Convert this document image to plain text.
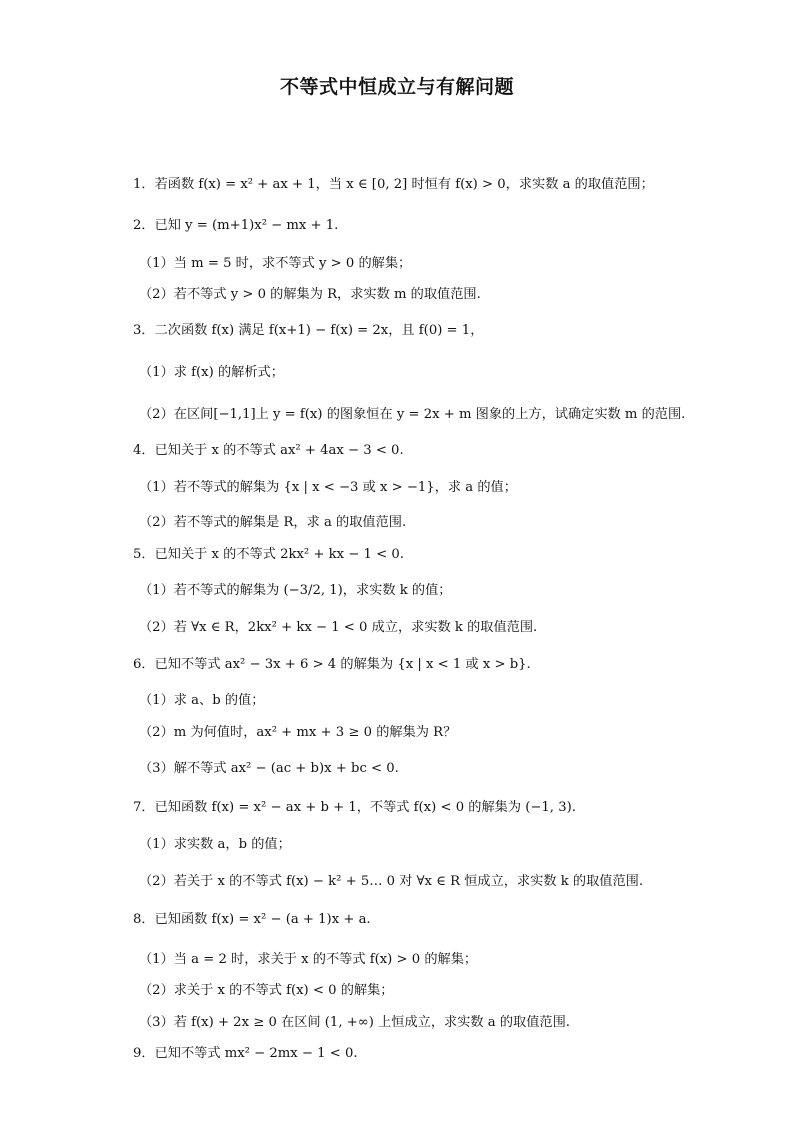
不等式中恒成立与有解问题
1．若函数 f(x) = x² + ax + 1，当 x ∈ [0, 2] 时恒有 f(x) > 0，求实数 a 的取值范围；
2．已知 y = (m+1)x² − mx + 1.
（1）当 m = 5 时，求不等式 y > 0 的解集；
（2）若不等式 y > 0 的解集为 R，求实数 m 的取值范围.
3．二次函数 f(x) 满足 f(x+1) − f(x) = 2x，且 f(0) = 1，
（1）求 f(x) 的解析式；
（2）在区间[−1,1]上 y = f(x) 的图象恒在 y = 2x + m 图象的上方，试确定实数 m 的范围.
4．已知关于 x 的不等式 ax² + 4ax − 3 < 0.
（1）若不等式的解集为 {x | x < −3 或 x > −1}，求 a 的值；
（2）若不等式的解集是 R，求 a 的取值范围.
5．已知关于 x 的不等式 2kx² + kx − 1 < 0.
（1）若不等式的解集为 (−3/2, 1)，求实数 k 的值；
（2）若 ∀x ∈ R，2kx² + kx − 1 < 0 成立，求实数 k 的取值范围.
6．已知不等式 ax² − 3x + 6 > 4 的解集为 {x | x < 1 或 x > b}.
（1）求 a、b 的值；
（2）m 为何值时，ax² + mx + 3 ≥ 0 的解集为 R？
（3）解不等式 ax² − (ac + b)x + bc < 0.
7．已知函数 f(x) = x² − ax + b + 1，不等式 f(x) < 0 的解集为 (−1, 3).
（1）求实数 a，b 的值；
（2）若关于 x 的不等式 f(x) − k² + 5… 0 对 ∀x ∈ R 恒成立，求实数 k 的取值范围.
8．已知函数 f(x) = x² − (a + 1)x + a.
（1）当 a = 2 时，求关于 x 的不等式 f(x) > 0 的解集；
（2）求关于 x 的不等式 f(x) < 0 的解集；
（3）若 f(x) + 2x ≥ 0 在区间 (1, +∞) 上恒成立，求实数 a 的取值范围.
9．已知不等式 mx² − 2mx − 1 < 0.
